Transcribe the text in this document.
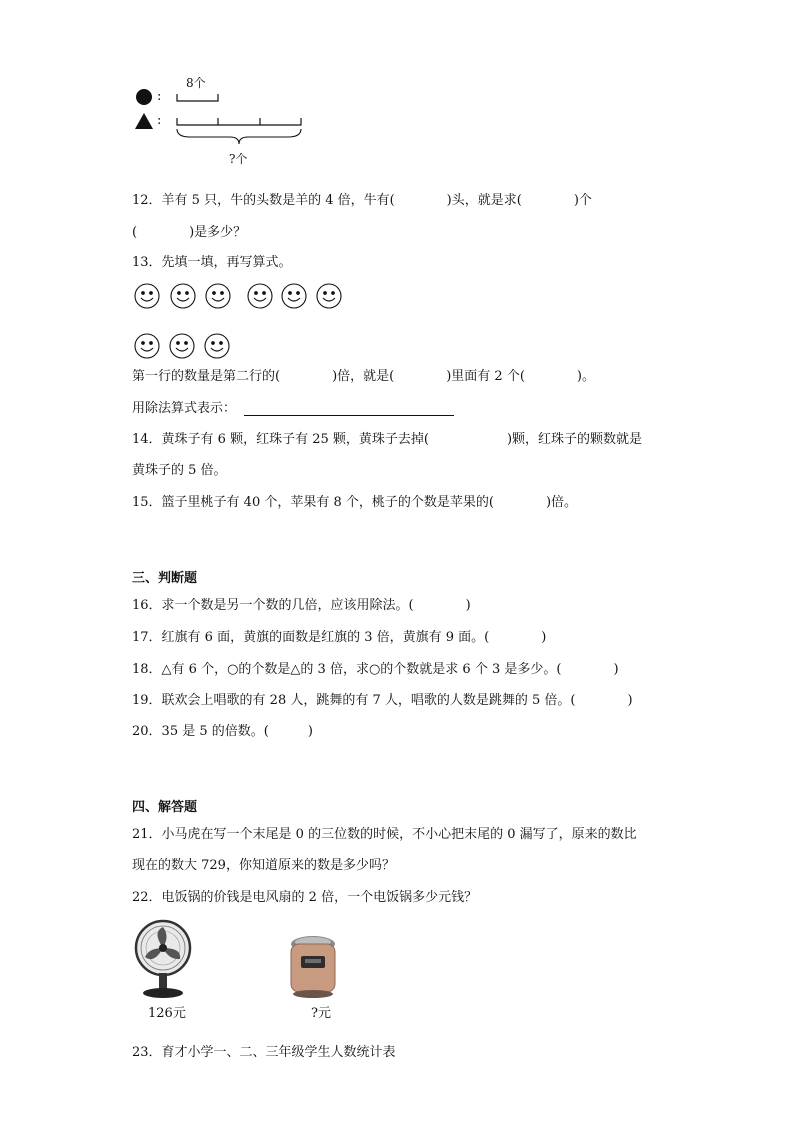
:
:
8个
?个
12．羊有 5 只，牛的头数是羊的 4 倍，牛有(　　　　)头，就是求(　　　　)个
(　　　　)是多少？
13．先填一填，再写算式。
第一行的数量是第二行的(　　　　)倍，就是(　　　　)里面有 2 个(　　　　)。
用除法算式表示：
14．黄珠子有 6 颗，红珠子有 25 颗，黄珠子去掉(　　　　　　)颗，红珠子的颗数就是
黄珠子的 5 倍。
15．篮子里桃子有 40 个，苹果有 8 个，桃子的个数是苹果的(　　　　)倍。
三、判断题
16．求一个数是另一个数的几倍，应该用除法。(　　　　)
17．红旗有 6 面，黄旗的面数是红旗的 3 倍，黄旗有 9 面。(　　　　)
18．△有 6 个，○的个数是△的 3 倍，求○的个数就是求 6 个 3 是多少。(　　　　)
19．联欢会上唱歌的有 28 人，跳舞的有 7 人，唱歌的人数是跳舞的 5 倍。(　　　　)
20．35 是 5 的倍数。(　　　)
四、解答题
21．小马虎在写一个末尾是 0 的三位数的时候，不小心把末尾的 0 漏写了，原来的数比
现在的数大 729，你知道原来的数是多少吗？
22．电饭锅的价钱是电风扇的 2 倍，一个电饭锅多少元钱？
126元	?元
23．育才小学一、二、三年级学生人数统计表
